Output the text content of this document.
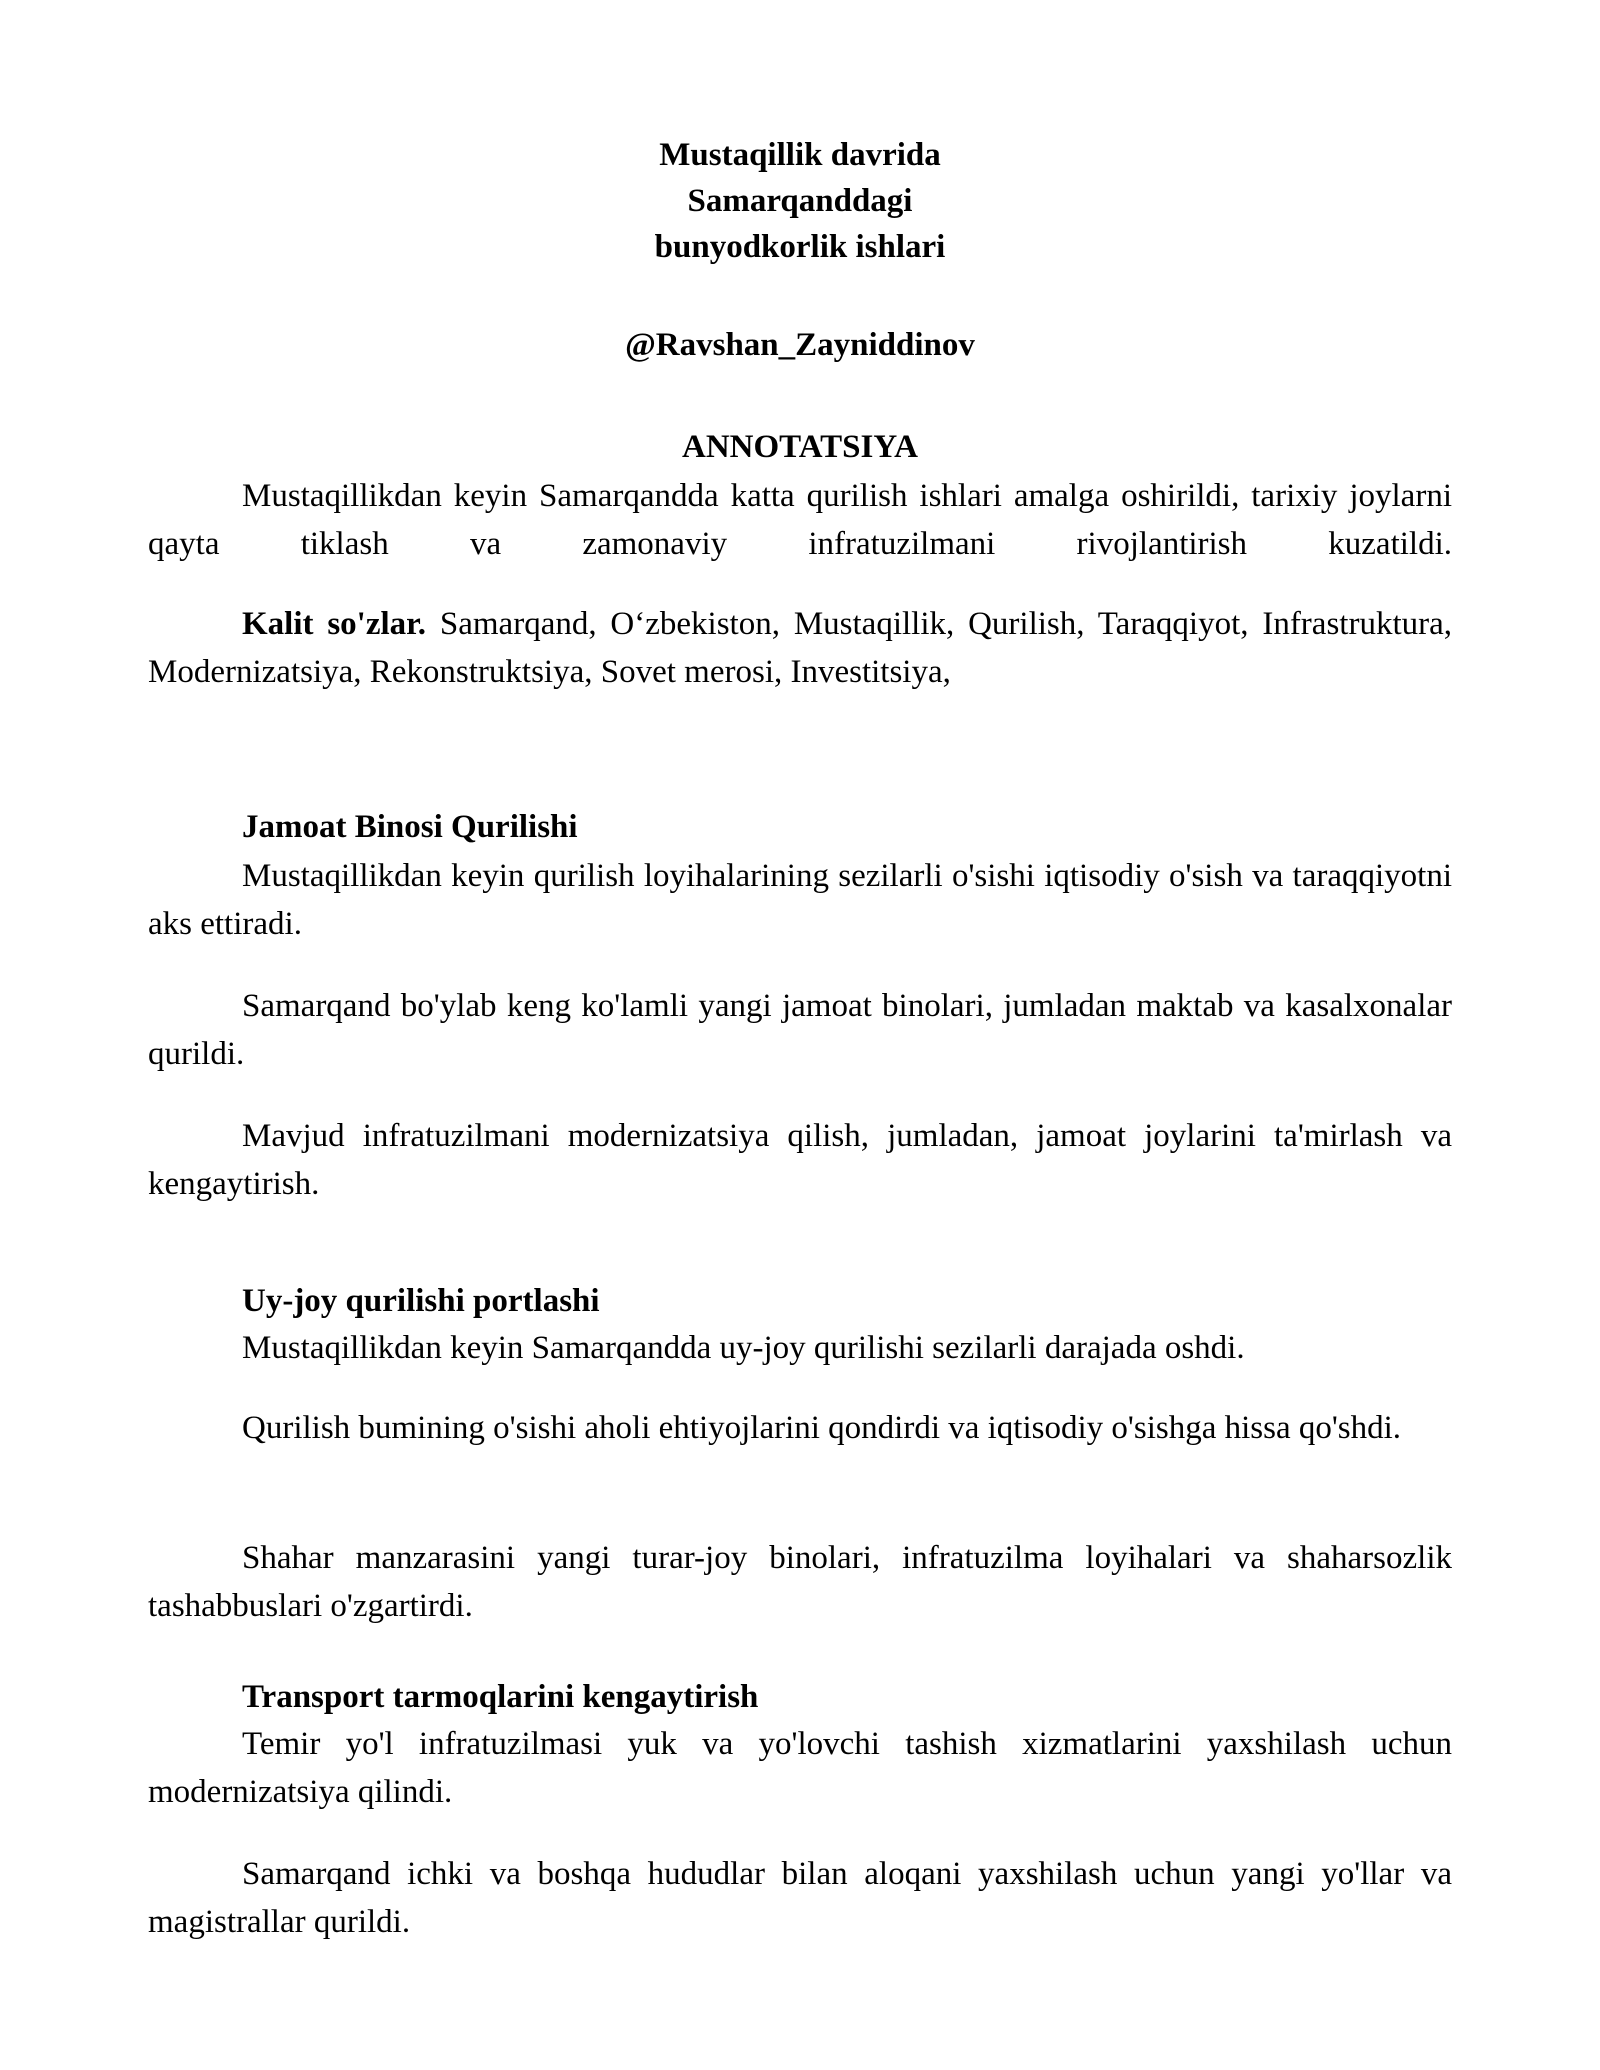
Mustaqillik davrida
Samarqanddagi
bunyodkorlik ishlari
@Ravshan_Zayniddinov
ANNOTATSIYA

Mustaqillikdan keyin Samarqandda katta qurilish ishlari amalga oshirildi, tarixiy joylarni qayta tiklash va zamonaviy infratuzilmani rivojlantirish kuzatildi.

Kalit so'zlar. Samarqand, O‘zbekiston, Mustaqillik, Qurilish, Taraqqiyot, Infrastruktura, Modernizatsiya, Rekonstruktsiya, Sovet merosi, Investitsiya,

Jamoat Binosi Qurilishi

Mustaqillikdan keyin qurilish loyihalarining sezilarli o'sishi iqtisodiy o'sish va taraqqiyotni aks ettiradi.

Samarqand bo'ylab keng ko'lamli yangi jamoat binolari, jumladan maktab va kasalxonalar qurildi.

Mavjud infratuzilmani modernizatsiya qilish, jumladan, jamoat joylarini ta'mirlash va kengaytirish.

Uy-joy qurilishi portlashi

Mustaqillikdan keyin Samarqandda uy-joy qurilishi sezilarli darajada oshdi.

Qurilish bumining o'sishi aholi ehtiyojlarini qondirdi va iqtisodiy o'sishga hissa qo'shdi.

Shahar manzarasini yangi turar-joy binolari, infratuzilma loyihalari va shaharsozlik tashabbuslari o'zgartirdi.

Transport tarmoqlarini kengaytirish

Temir yo'l infratuzilmasi yuk va yo'lovchi tashish xizmatlarini yaxshilash uchun modernizatsiya qilindi.

Samarqand ichki va boshqa hududlar bilan aloqani yaxshilash uchun yangi yo'llar va magistrallar qurildi.
